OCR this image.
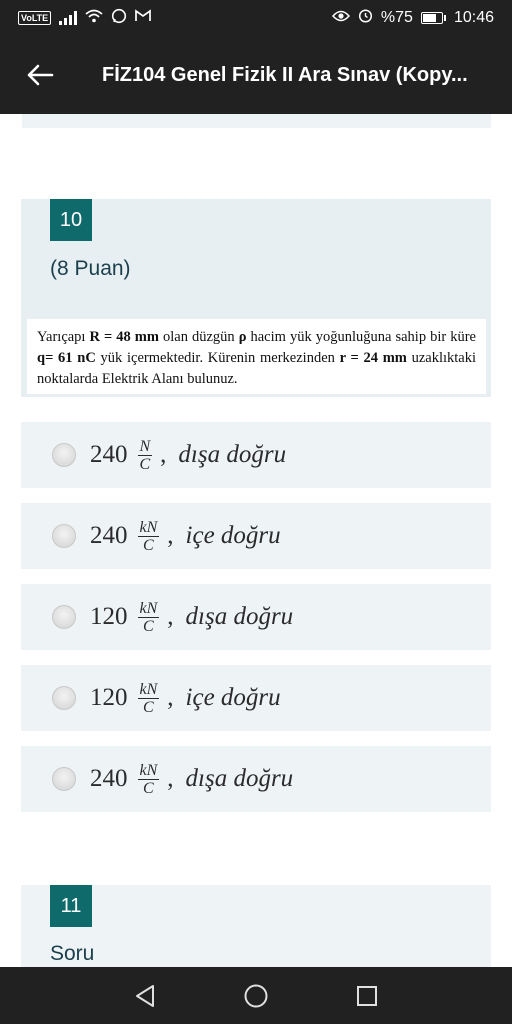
VoLTE	%75	10:46
FİZ104 Genel Fizik II Ara Sınav (Kopy...
10
(8 Puan)
Yarıçapı R = 48 mm olan düzgün ρ hacim yük yoğunluğuna sahip bir küre q= 61 nC yük içermektedir. Kürenin merkezinden r = 24 mm uzaklıktaki noktalarda Elektrik Alanı bulunuz.
$240 \frac{N}{C}$ , dışa doğru
$240 \frac{kN}{C}$ , içe doğru
$120 \frac{kN}{C}$ , dışa doğru
$120 \frac{kN}{C}$ , içe doğru
$240 \frac{kN}{C}$ , dışa doğru
11
Soru
